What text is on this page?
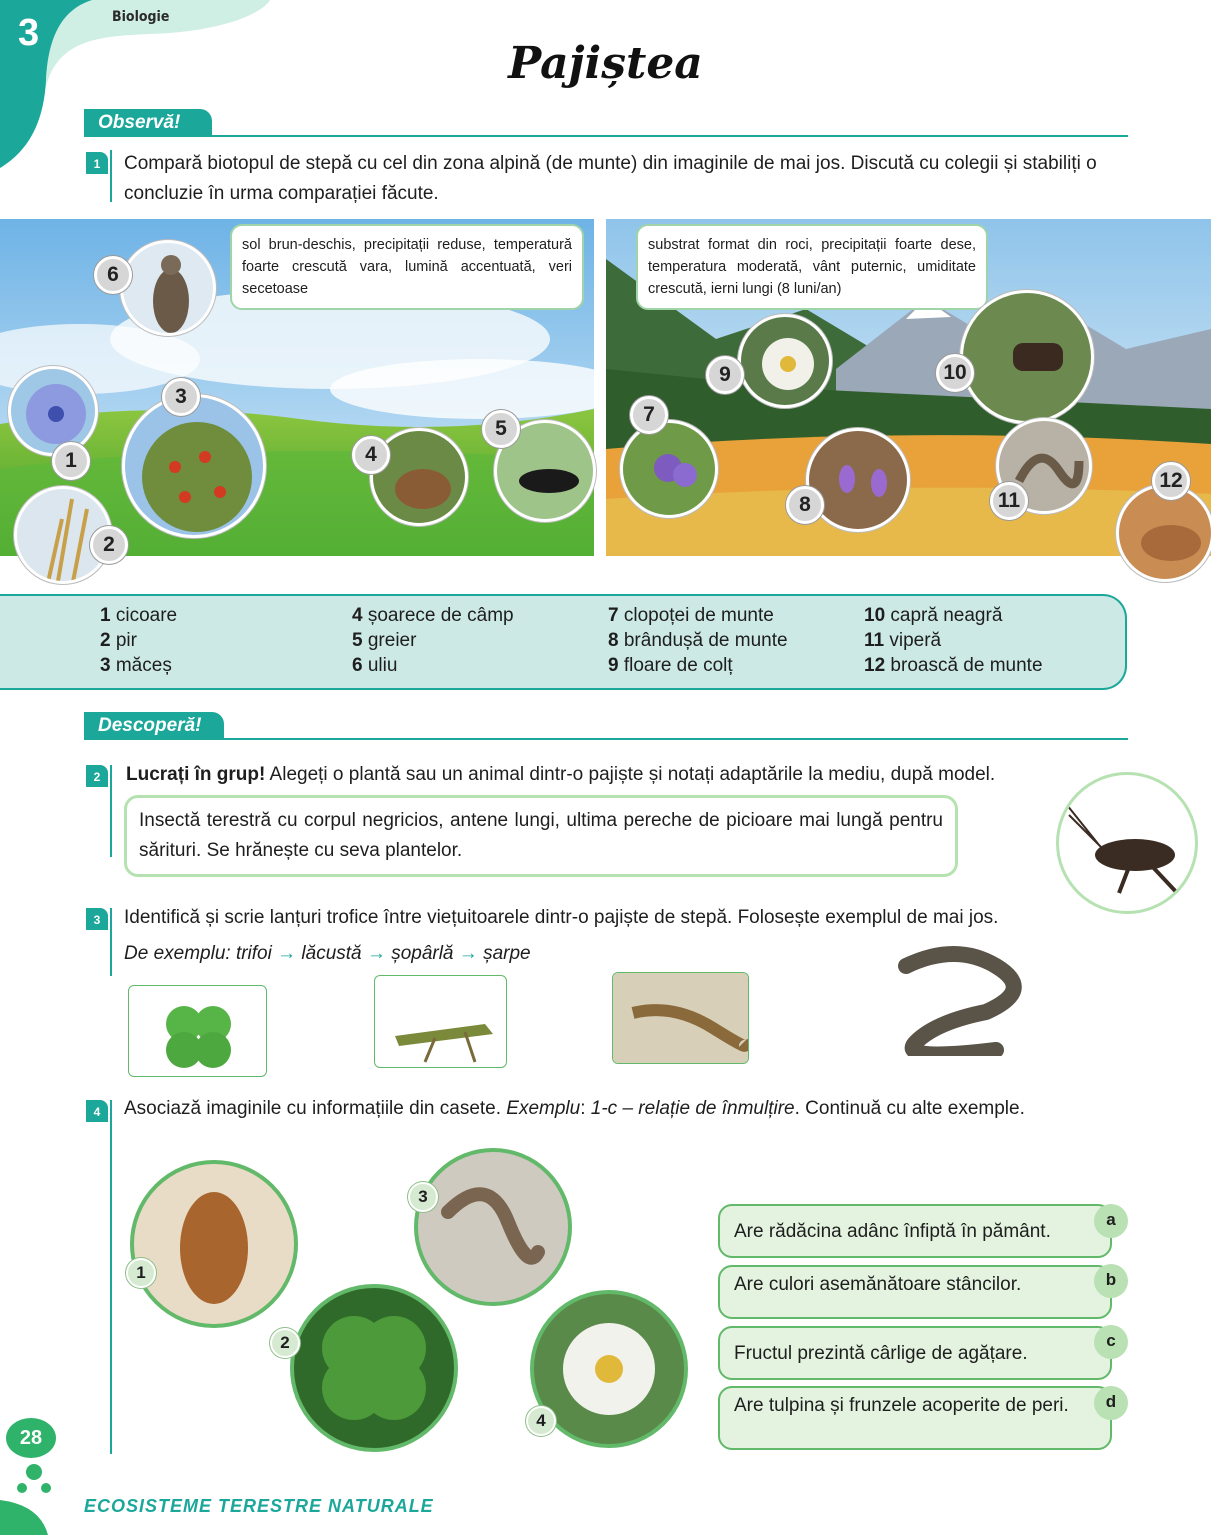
3	Biologie
Pajiștea
Observă!
1	Compară biotopul de stepă cu cel din zona alpină (de munte) din imaginile de mai jos. Discută cu colegii și stabiliți o concluzie în urma comparației făcute.
sol brun-deschis, precipitații reduse, temperatură foarte crescută vara, lumină accentuată, veri secetoase
substrat format din roci, precipitații foarte dese, temperatura moderată, vânt puternic, umiditate crescută, ierni lungi (8 luni/an)
1
2
3
4
5
6
7
8
9	10
11
12
1 cicoare
2 pir
3 măceș
4 șoarece de câmp
5 greier
6 uliu
7 clopoței de munte
8 brândușă de munte
9 floare de colț
10 capră neagră
11 viperă
12 broască de munte
Descoperă!
2	Lucrați în grup! Alegeți o plantă sau un animal dintr-o pajiște și notați adaptările la mediu, după model.
Insectă terestră cu corpul negricios, antene lungi, ultima pereche de picioare mai lungă pentru sărituri. Se hrănește cu seva plantelor.
3	Identifică și scrie lanțuri trofice între viețuitoarele dintr-o pajiște de stepă. Folosește exemplul de mai jos.
De exemplu: trifoi → lăcustă → șopârlă → șarpe
4	Asociază imaginile cu informațiile din casete. Exemplu: 1-c – relație de înmulțire. Continuă cu alte exemple.
1
3
2
4
Are rădăcina adânc înfiptă în pământ.
a
Are culori asemănătoare stâncilor.	b
Fructul prezintă cârlige de agățare.
c
Are tulpina și frunzele acoperite de peri.	d
28
ECOSISTEME TERESTRE NATURALE
